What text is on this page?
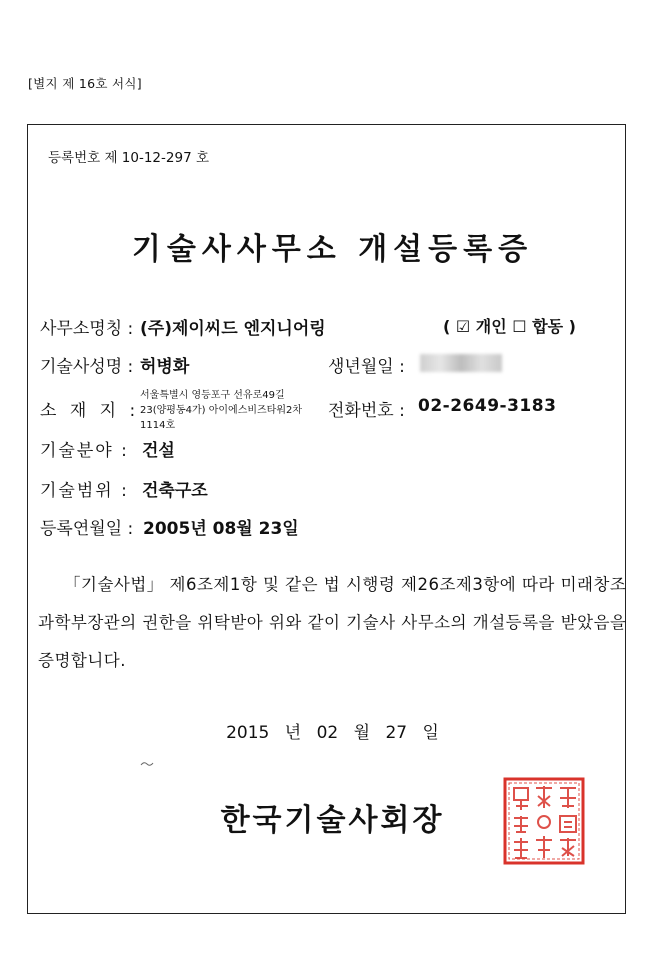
[별지 제 16호 서식]
등록번호 제 10-12-297 호
기술사사무소 개설등록증
사무소명칭 : (주)제이씨드 엔지니어링	( ☑ 개인 ☐ 합동 )
기술사성명 : 허병화	생년월일 :
소 재 지 :
서울특별시 영등포구 선유로49길 23(양평동4가) 아이에스비즈타워2차 1114호
전화번호 : 02-2649-3183
기술분야 : 건설
기술범위 : 건축구조
등록연월일 : 2005년 08월 23일
「기술사법」 제6조제1항 및 같은 법 시행령 제26조제3항에 따라 미래창조과학부장관의 권한을 위탁받아 위와 같이 기술사 사무소의 개설등록을 받았음을 증명합니다.
2015 년 02 월 27 일
한국기술사회장
